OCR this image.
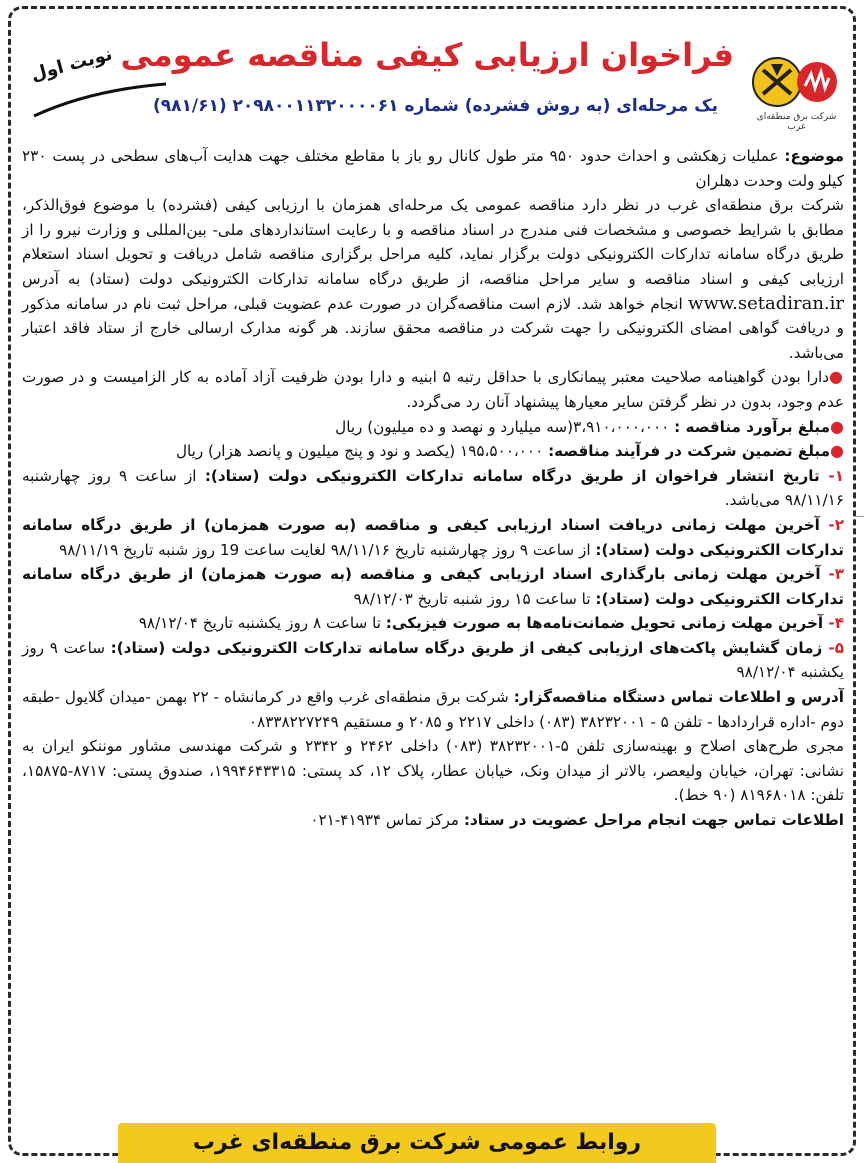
شرکت برق منطقه‌ای غرب
فراخوان ارزیابی کیفی مناقصه عمومی
یک مرحله‌ای (به روش فشرده) شماره ۲۰۹۸۰۰۱۱۳۲۰۰۰۰۶۱ (۹۸۱/۶۱)
نوبت اول

موضوع: عملیات زهکشی و احداث حدود ۹۵۰ متر طول کانال رو باز با مقاطع مختلف جهت هدایت آب‌های سطحی در پست ۲۳۰ کیلو ولت وحدت دهلران

شرکت برق منطقه‌ای غرب در نظر دارد مناقصه عمومی یک مرحله‌ای همزمان با ارزیابی کیفی (فشرده) با موضوع فوق‌الذکر، مطابق با شرایط خصوصی و مشخصات فنی مندرج در اسناد مناقصه و با رعایت استانداردهای ملی- بین‌المللی و وزارت نیرو را از طریق درگاه سامانه تدارکات الکترونیکی دولت برگزار نماید، کلیه مراحل برگزاری مناقصه شامل دریافت و تحویل اسناد استعلام ارزیابی کیفی و اسناد مناقصه و سایر مراحل مناقصه، از طریق درگاه سامانه تدارکات الکترونیکی دولت (ستاد) به آدرس www.setadiran.ir انجام خواهد شد. لازم است مناقصه‌گران در صورت عدم عضویت قبلی، مراحل ثبت نام در سامانه مذکور و دریافت گواهی امضای الکترونیکی را جهت شرکت در مناقصه محقق سازند. هر گونه مدارک ارسالی خارج از ستاد فاقد اعتبار می‌باشد.

●دارا بودن گواهینامه صلاحیت معتبر پیمانکاری با حداقل رتبه ۵ ابنیه و دارا بودن ظرفیت آزاد آماده به کار الزامیست و در صورت عدم وجود، بدون در نظر گرفتن سایر معیارها پیشنهاد آنان رد می‌گردد.

●مبلغ برآورد مناقصه : ۳،۹۱۰،۰۰۰،۰۰۰(سه میلیارد و نهصد و ده میلیون) ریال

●مبلغ تضمین شرکت در فرآیند مناقصه: ۱۹۵،۵۰۰،۰۰۰ (یکصد و نود و پنج میلیون و پانصد هزار) ریال

۱- تاریخ انتشار فراخوان از طریق درگاه سامانه تدارکات الکترونیکی دولت (ستاد): از ساعت ۹ روز چهارشنبه ۹۸/۱۱/۱۶ می‌باشد.

۲- آخرین مهلت زمانی دریافت اسناد ارزیابی کیفی و مناقصه (به صورت همزمان) از طریق درگاه سامانه تدارکات الکترونیکی دولت (ستاد): از ساعت ۹ روز چهارشنبه تاریخ ۹۸/۱۱/۱۶ لغایت ساعت 19 روز شنبه تاریخ ۹۸/۱۱/۱۹

۳- آخرین مهلت زمانی بارگذاری اسناد ارزیابی کیفی و مناقصه (به صورت همزمان) از طریق درگاه سامانه تدارکات الکترونیکی دولت (ستاد): تا ساعت ۱۵ روز شنبه تاریخ ۹۸/۱۲/۰۳

۴- آخرین مهلت زمانی تحویل ضمانت‌نامه‌ها به صورت فیزیکی: تا ساعت ۸ روز یکشنبه تاریخ ۹۸/۱۲/۰۴

۵- زمان گشایش پاکت‌های ارزیابی کیفی از طریق درگاه سامانه تدارکات الکترونیکی دولت (ستاد): ساعت ۹ روز یکشنبه ۹۸/۱۲/۰۴

آدرس و اطلاعات تماس دستگاه مناقصه‌گزار: شرکت برق منطقه‌ای غرب واقع در کرمانشاه - ۲۲ بهمن -میدان گلایول -طبقه دوم -اداره قراردادها - تلفن ۵ - ۳۸۲۳۲۰۰۱ (۰۸۳) داخلی ۲۲۱۷ و ۲۰۸۵ و مستقیم ۰۸۳۳۸۲۲۷۲۴۹

مجری طرح‌های اصلاح و بهینه‌سازی تلفن ۵-۳۸۲۳۲۰۰۱ (۰۸۳) داخلی ۲۴۶۲ و ۲۳۴۲ و شرکت مهندسی مشاور موننکو ایران به نشانی: تهران، خیابان ولیعصر، بالاتر از میدان ونک، خیابان عطار، پلاک ۱۲، کد پستی: ۱۹۹۴۶۴۳۳۱۵، صندوق پستی: ۸۷۱۷-۱۵۸۷۵، تلفن: ۸۱۹۶۸۰۱۸ (۹۰ خط).

اطلاعات تماس جهت انجام مراحل عضویت در ستاد: مرکز تماس ۴۱۹۳۴-۰۲۱

روابط عمومی شرکت برق منطقه‌ای غرب
